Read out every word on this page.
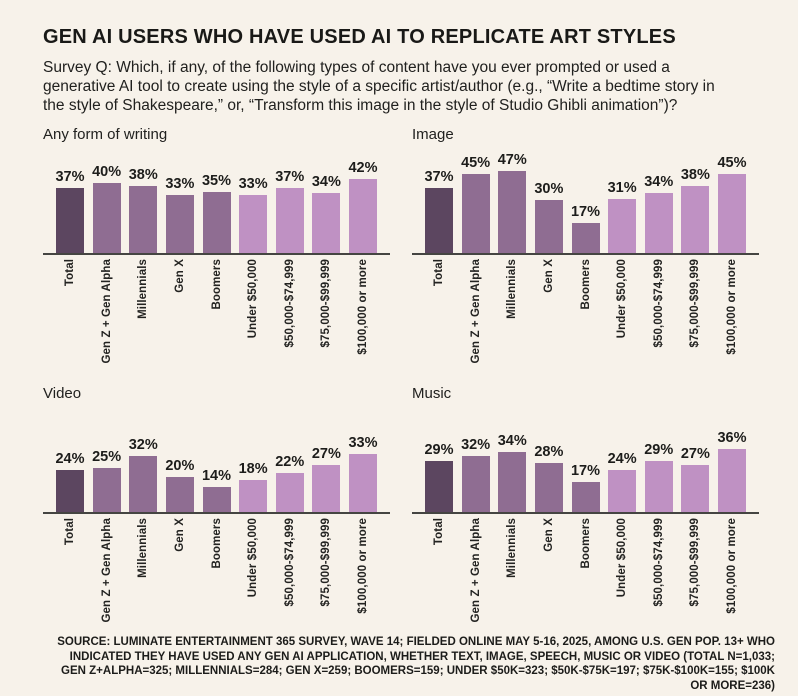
GEN AI USERS WHO HAVE USED AI TO REPLICATE ART STYLES

Survey Q: Which, if any, of the following types of content have you ever prompted or used a generative AI tool to create using the style of a specific artist/author (e.g., “Write a bedtime story in the style of Shakespeare,” or, “Transform this image in the style of Studio Ghibli animation”)?

Any form of writing
37% 40% 38%
33% 35% 33% 37% 34%
42%
Total Gen Z + Gen Alpha Millennials Gen X Boomers Under $50,000 $50,000-$74,999 $75,000-$99,999 $100,000 or more
Image
37%
45% 47%
30%
17%
31% 34% 38%
45%
Total Gen Z + Gen Alpha Millennials Gen X Boomers Under $50,000 $50,000-$74,999 $75,000-$99,999 $100,000 or more
Video
24% 25%
32%
20%
14% 18% 22% 27%
33%
Total Gen Z + Gen Alpha Millennials Gen X Boomers Under $50,000 $50,000-$74,999 $75,000-$99,999 $100,000 or more
Music
29% 32% 34%
28%
17%
24%
29% 27%
36%
Total Gen Z + Gen Alpha Millennials Gen X Boomers Under $50,000 $50,000-$74,999 $75,000-$99,999 $100,000 or more

SOURCE: LUMINATE ENTERTAINMENT 365 SURVEY, WAVE 14; FIELDED ONLINE MAY 5-16, 2025, AMONG U.S. GEN POP. 13+ WHO INDICATED THEY HAVE USED ANY GEN AI APPLICATION, WHETHER TEXT, IMAGE, SPEECH, MUSIC OR VIDEO (TOTAL N=1,033; GEN Z+ALPHA=325; MILLENNIALS=284; GEN X=259; BOOMERS=159; UNDER $50K=323; $50K-$75K=197; $75K-$100K=155; $100K OR MORE=236)
